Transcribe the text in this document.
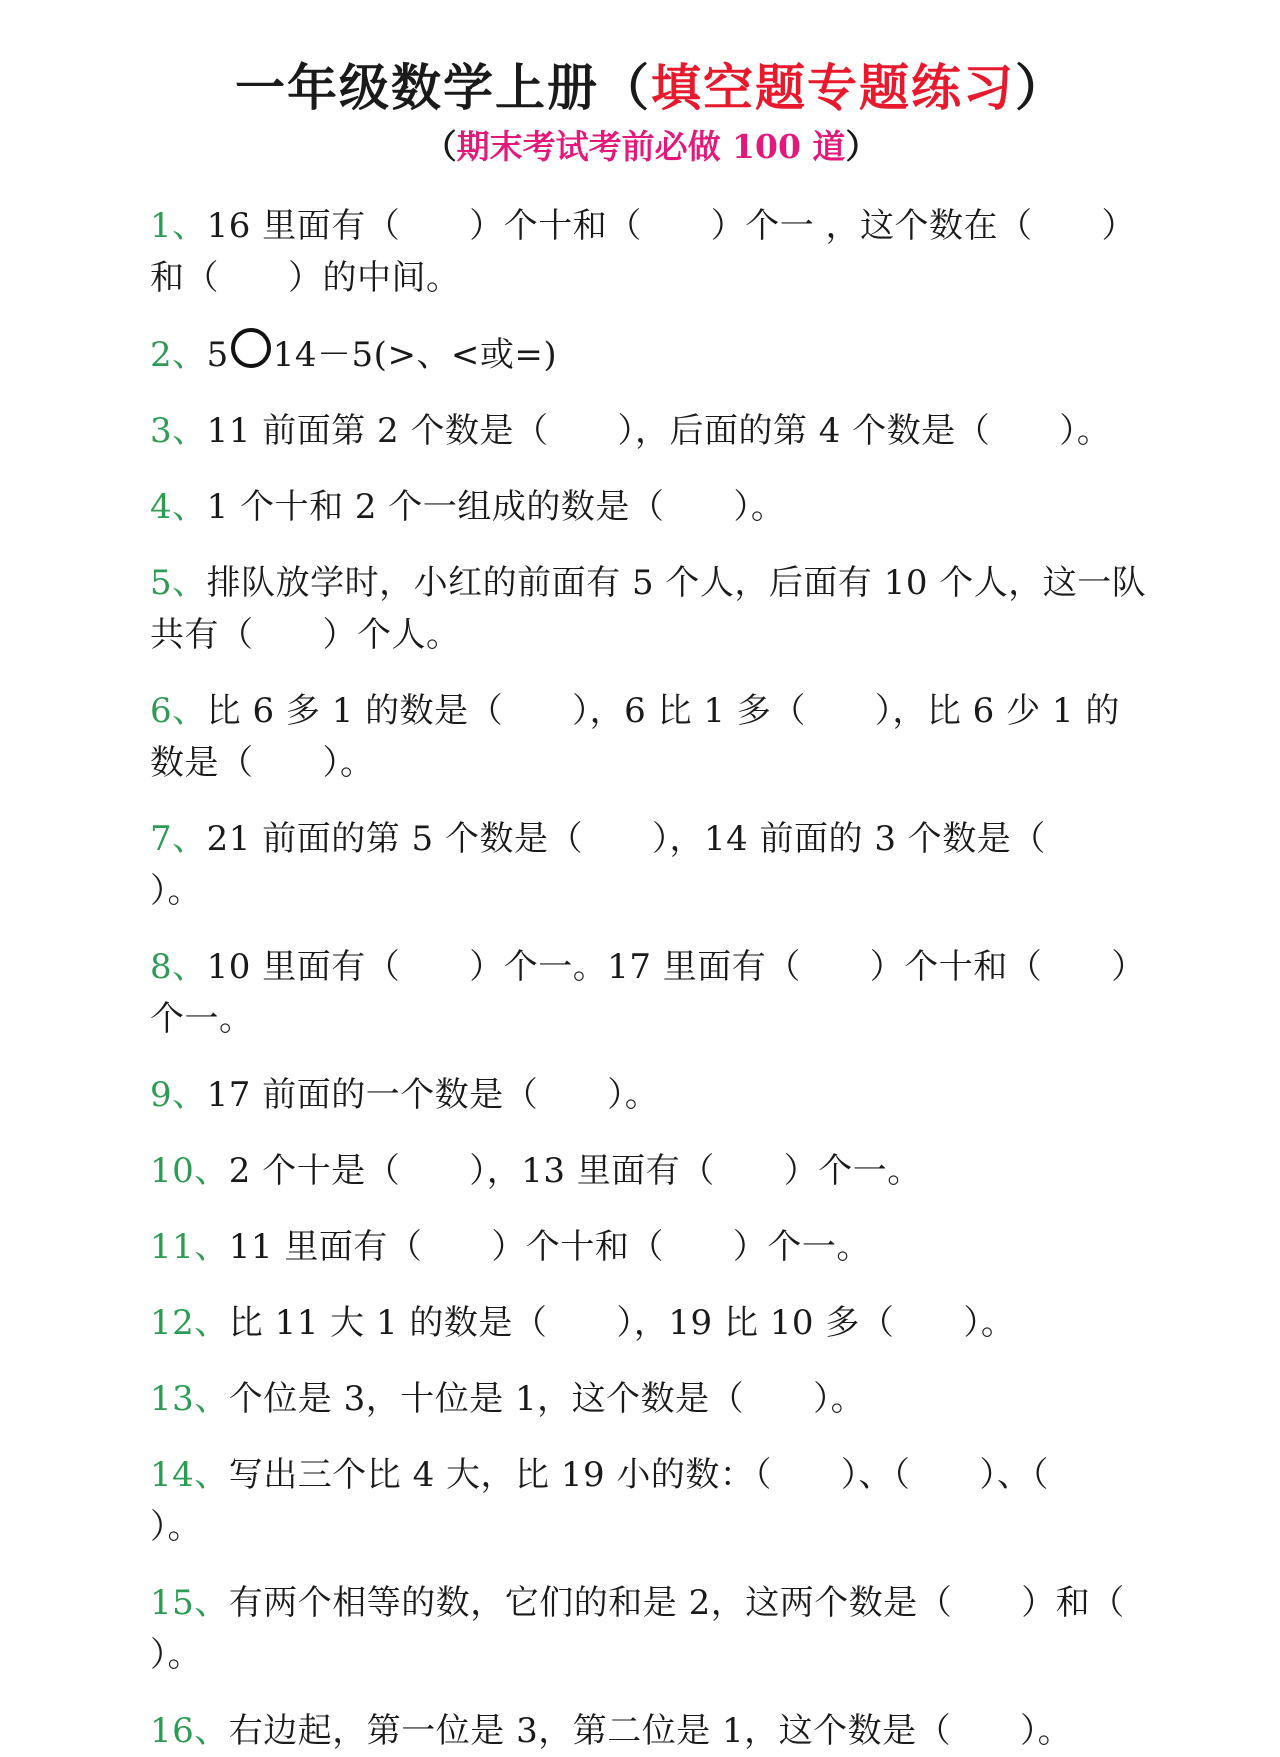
一年级数学上册（填空题专题练习）

（期末考试考前必做 100 道）

1、16 里面有（　　）个十和（　　）个一 ，这个数在（　　）和（　　）的中间。

2、5 14－5(>、<或=)

3、11 前面第 2 个数是（　　），后面的第 4 个数是（　　）。

4、1 个十和 2 个一组成的数是（　　）。

5、排队放学时，小红的前面有 5 个人，后面有 10 个人，这一队共有（　　）个人。

6、比 6 多 1 的数是（　　），6 比 1 多（　　），比 6 少 1 的数是（　　）。

7、21 前面的第 5 个数是（　　），14 前面的 3 个数是（　　）。

8、10 里面有（　　）个一。17 里面有（　　）个十和（　　）个一。

9、17 前面的一个数是（　　）。

10、2 个十是（　　），13 里面有（　　）个一。

11、11 里面有（　　）个十和（　　）个一。

12、比 11 大 1 的数是（　　），19 比 10 多（　　）。

13、个位是 3，十位是 1，这个数是（　　）。

14、写出三个比 4 大，比 19 小的数：（　　）、（　　）、（　　）。

15、有两个相等的数，它们的和是 2，这两个数是（　　）和（　　）。

16、右边起，第一位是 3，第二位是 1，这个数是（　　）。
